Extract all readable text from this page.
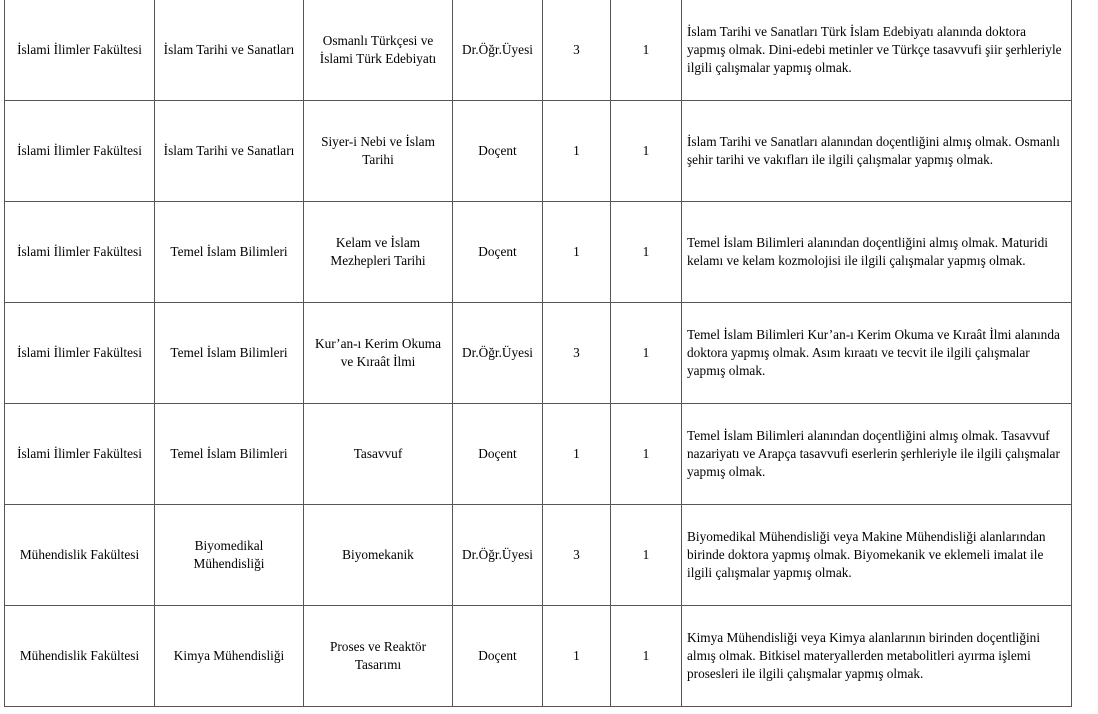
İslami İlimler Fakültesi	İslam Tarihi ve Sanatları	Osmanlı Türkçesi ve İslami Türk Edebiyatı	Dr.Öğr.Üyesi	3	1	İslam Tarihi ve Sanatları Türk İslam Edebiyatı alanında doktora yapmış olmak. Dini-edebi metinler ve Türkçe tasavvufi şiir şerhleriyle ilgili çalışmalar yapmış olmak.
İslami İlimler Fakültesi	İslam Tarihi ve Sanatları	Siyer-i Nebi ve İslam Tarihi	Doçent	1	1	İslam Tarihi ve Sanatları alanından doçentliğini almış olmak. Osmanlı şehir tarihi ve vakıfları ile ilgili çalışmalar yapmış olmak.
İslami İlimler Fakültesi	Temel İslam Bilimleri	Kelam ve İslam Mezhepleri Tarihi	Doçent	1	1	Temel İslam Bilimleri alanından doçentliğini almış olmak. Maturidi kelamı ve kelam kozmolojisi ile ilgili çalışmalar yapmış olmak.
İslami İlimler Fakültesi	Temel İslam Bilimleri	Kur’an-ı Kerim Okuma ve Kıraât İlmi	Dr.Öğr.Üyesi	3	1	Temel İslam Bilimleri Kur’an-ı Kerim Okuma ve Kıraât İlmi alanında doktora yapmış olmak. Asım kıraatı ve tecvit ile ilgili çalışmalar yapmış olmak.
İslami İlimler Fakültesi	Temel İslam Bilimleri	Tasavvuf	Doçent	1	1	Temel İslam Bilimleri alanından doçentliğini almış olmak. Tasavvuf nazariyatı ve Arapça tasavvufi eserlerin şerhleriyle ile ilgili çalışmalar yapmış olmak.
Mühendislik Fakültesi	Biyomedikal Mühendisliği	Biyomekanik	Dr.Öğr.Üyesi	3	1	Biyomedikal Mühendisliği veya Makine Mühendisliği alanlarından birinde doktora yapmış olmak. Biyomekanik ve eklemeli imalat ile ilgili çalışmalar yapmış olmak.
Mühendislik Fakültesi	Kimya Mühendisliği	Proses ve Reaktör Tasarımı	Doçent	1	1	Kimya Mühendisliği veya Kimya alanlarının birinden doçentliğini almış olmak. Bitkisel materyallerden metabolitleri ayırma işlemi prosesleri ile ilgili çalışmalar yapmış olmak.
